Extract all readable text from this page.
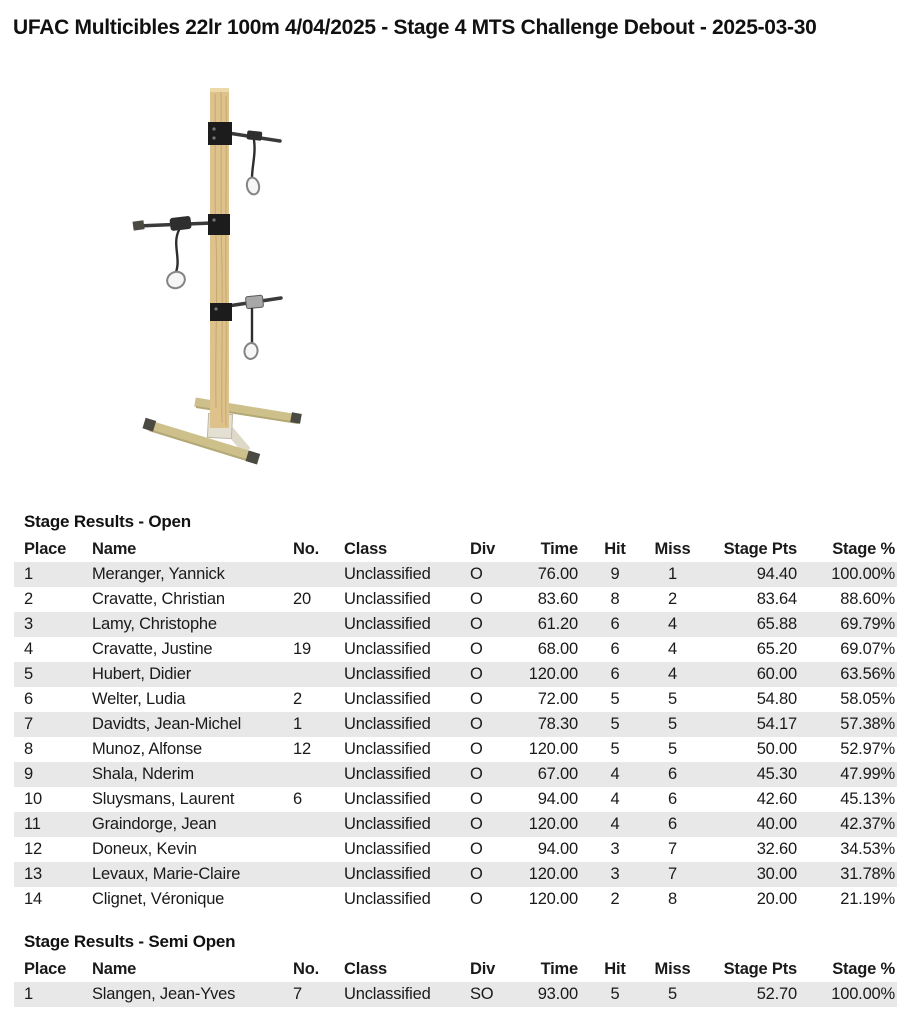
UFAC Multicibles 22lr 100m 4/04/2025 - Stage 4 MTS Challenge Debout - 2025-03-30
Stage Results - Open
Place	Name	No.	Class	Div	Time	Hit	Miss	Stage Pts	Stage %
1	Meranger, Yannick		Unclassified	O	76.00	9	1	94.40	100.00%
2	Cravatte, Christian	20	Unclassified	O	83.60	8	2	83.64	88.60%
3	Lamy, Christophe		Unclassified	O	61.20	6	4	65.88	69.79%
4	Cravatte, Justine	19	Unclassified	O	68.00	6	4	65.20	69.07%
5	Hubert, Didier		Unclassified	O	120.00	6	4	60.00	63.56%
6	Welter, Ludia	2	Unclassified	O	72.00	5	5	54.80	58.05%
7	Davidts, Jean-Michel	1	Unclassified	O	78.30	5	5	54.17	57.38%
8	Munoz, Alfonse	12	Unclassified	O	120.00	5	5	50.00	52.97%
9	Shala, Nderim		Unclassified	O	67.00	4	6	45.30	47.99%
10	Sluysmans, Laurent	6	Unclassified	O	94.00	4	6	42.60	45.13%
11	Graindorge, Jean		Unclassified	O	120.00	4	6	40.00	42.37%
12	Doneux, Kevin		Unclassified	O	94.00	3	7	32.60	34.53%
13	Levaux, Marie-Claire		Unclassified	O	120.00	3	7	30.00	31.78%
14	Clignet, Véronique		Unclassified	O	120.00	2	8	20.00	21.19%
Stage Results - Semi Open
Place	Name	No.	Class	Div	Time	Hit	Miss	Stage Pts	Stage %
1	Slangen, Jean-Yves	7	Unclassified	SO	93.00	5	5	52.70	100.00%
